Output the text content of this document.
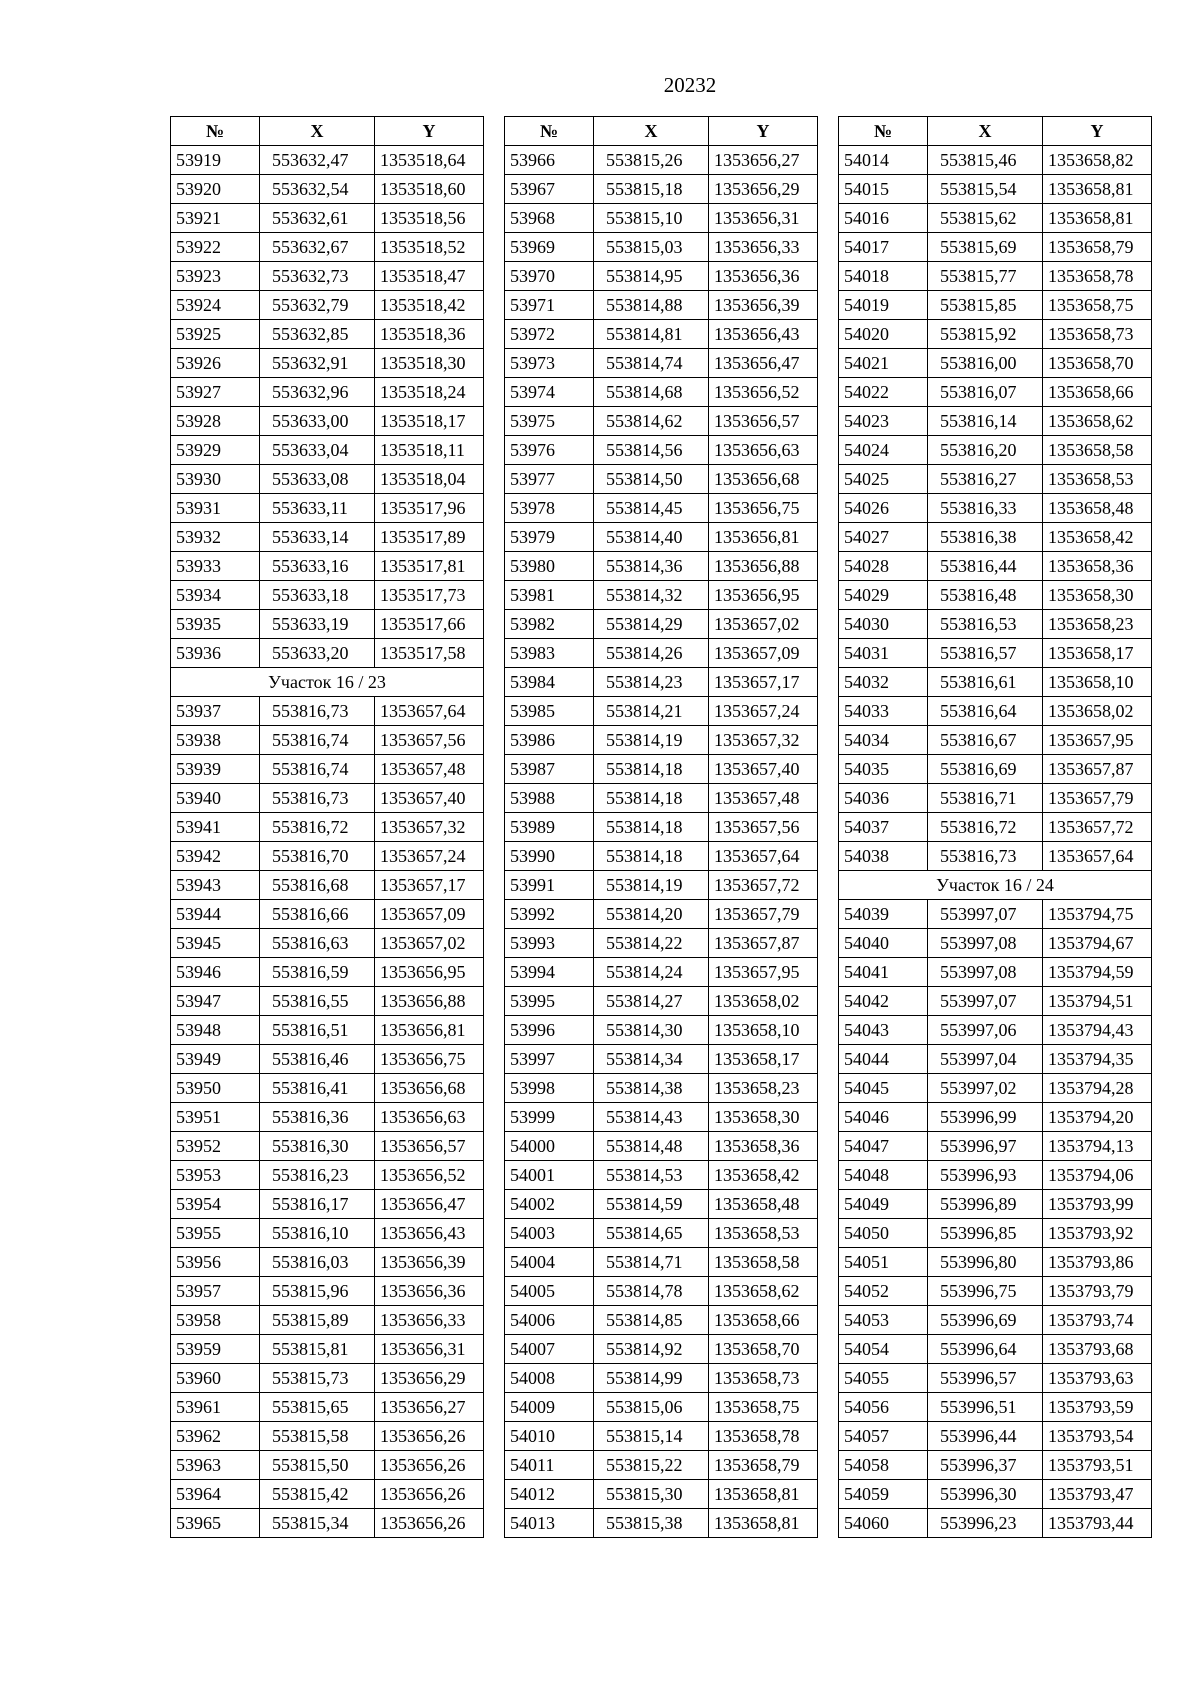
20232
№	X	Y
53919	553632,47	1353518,64
53920	553632,54	1353518,60
53921	553632,61	1353518,56
53922	553632,67	1353518,52
53923	553632,73	1353518,47
53924	553632,79	1353518,42
53925	553632,85	1353518,36
53926	553632,91	1353518,30
53927	553632,96	1353518,24
53928	553633,00	1353518,17
53929	553633,04	1353518,11
53930	553633,08	1353518,04
53931	553633,11	1353517,96
53932	553633,14	1353517,89
53933	553633,16	1353517,81
53934	553633,18	1353517,73
53935	553633,19	1353517,66
53936	553633,20	1353517,58
Участок 16 / 23		
53937	553816,73	1353657,64
53938	553816,74	1353657,56
53939	553816,74	1353657,48
53940	553816,73	1353657,40
53941	553816,72	1353657,32
53942	553816,70	1353657,24
53943	553816,68	1353657,17
53944	553816,66	1353657,09
53945	553816,63	1353657,02
53946	553816,59	1353656,95
53947	553816,55	1353656,88
53948	553816,51	1353656,81
53949	553816,46	1353656,75
53950	553816,41	1353656,68
53951	553816,36	1353656,63
53952	553816,30	1353656,57
53953	553816,23	1353656,52
53954	553816,17	1353656,47
53955	553816,10	1353656,43
53956	553816,03	1353656,39
53957	553815,96	1353656,36
53958	553815,89	1353656,33
53959	553815,81	1353656,31
53960	553815,73	1353656,29
53961	553815,65	1353656,27
53962	553815,58	1353656,26
53963	553815,50	1353656,26
53964	553815,42	1353656,26
53965	553815,34	1353656,26
№	X	Y
53966	553815,26	1353656,27
53967	553815,18	1353656,29
53968	553815,10	1353656,31
53969	553815,03	1353656,33
53970	553814,95	1353656,36
53971	553814,88	1353656,39
53972	553814,81	1353656,43
53973	553814,74	1353656,47
53974	553814,68	1353656,52
53975	553814,62	1353656,57
53976	553814,56	1353656,63
53977	553814,50	1353656,68
53978	553814,45	1353656,75
53979	553814,40	1353656,81
53980	553814,36	1353656,88
53981	553814,32	1353656,95
53982	553814,29	1353657,02
53983	553814,26	1353657,09
53984	553814,23	1353657,17
53985	553814,21	1353657,24
53986	553814,19	1353657,32
53987	553814,18	1353657,40
53988	553814,18	1353657,48
53989	553814,18	1353657,56
53990	553814,18	1353657,64
53991	553814,19	1353657,72
53992	553814,20	1353657,79
53993	553814,22	1353657,87
53994	553814,24	1353657,95
53995	553814,27	1353658,02
53996	553814,30	1353658,10
53997	553814,34	1353658,17
53998	553814,38	1353658,23
53999	553814,43	1353658,30
54000	553814,48	1353658,36
54001	553814,53	1353658,42
54002	553814,59	1353658,48
54003	553814,65	1353658,53
54004	553814,71	1353658,58
54005	553814,78	1353658,62
54006	553814,85	1353658,66
54007	553814,92	1353658,70
54008	553814,99	1353658,73
54009	553815,06	1353658,75
54010	553815,14	1353658,78
54011	553815,22	1353658,79
54012	553815,30	1353658,81
54013	553815,38	1353658,81
№	X	Y
54014	553815,46	1353658,82
54015	553815,54	1353658,81
54016	553815,62	1353658,81
54017	553815,69	1353658,79
54018	553815,77	1353658,78
54019	553815,85	1353658,75
54020	553815,92	1353658,73
54021	553816,00	1353658,70
54022	553816,07	1353658,66
54023	553816,14	1353658,62
54024	553816,20	1353658,58
54025	553816,27	1353658,53
54026	553816,33	1353658,48
54027	553816,38	1353658,42
54028	553816,44	1353658,36
54029	553816,48	1353658,30
54030	553816,53	1353658,23
54031	553816,57	1353658,17
54032	553816,61	1353658,10
54033	553816,64	1353658,02
54034	553816,67	1353657,95
54035	553816,69	1353657,87
54036	553816,71	1353657,79
54037	553816,72	1353657,72
54038	553816,73	1353657,64
Участок 16 / 24		
54039	553997,07	1353794,75
54040	553997,08	1353794,67
54041	553997,08	1353794,59
54042	553997,07	1353794,51
54043	553997,06	1353794,43
54044	553997,04	1353794,35
54045	553997,02	1353794,28
54046	553996,99	1353794,20
54047	553996,97	1353794,13
54048	553996,93	1353794,06
54049	553996,89	1353793,99
54050	553996,85	1353793,92
54051	553996,80	1353793,86
54052	553996,75	1353793,79
54053	553996,69	1353793,74
54054	553996,64	1353793,68
54055	553996,57	1353793,63
54056	553996,51	1353793,59
54057	553996,44	1353793,54
54058	553996,37	1353793,51
54059	553996,30	1353793,47
54060	553996,23	1353793,44
